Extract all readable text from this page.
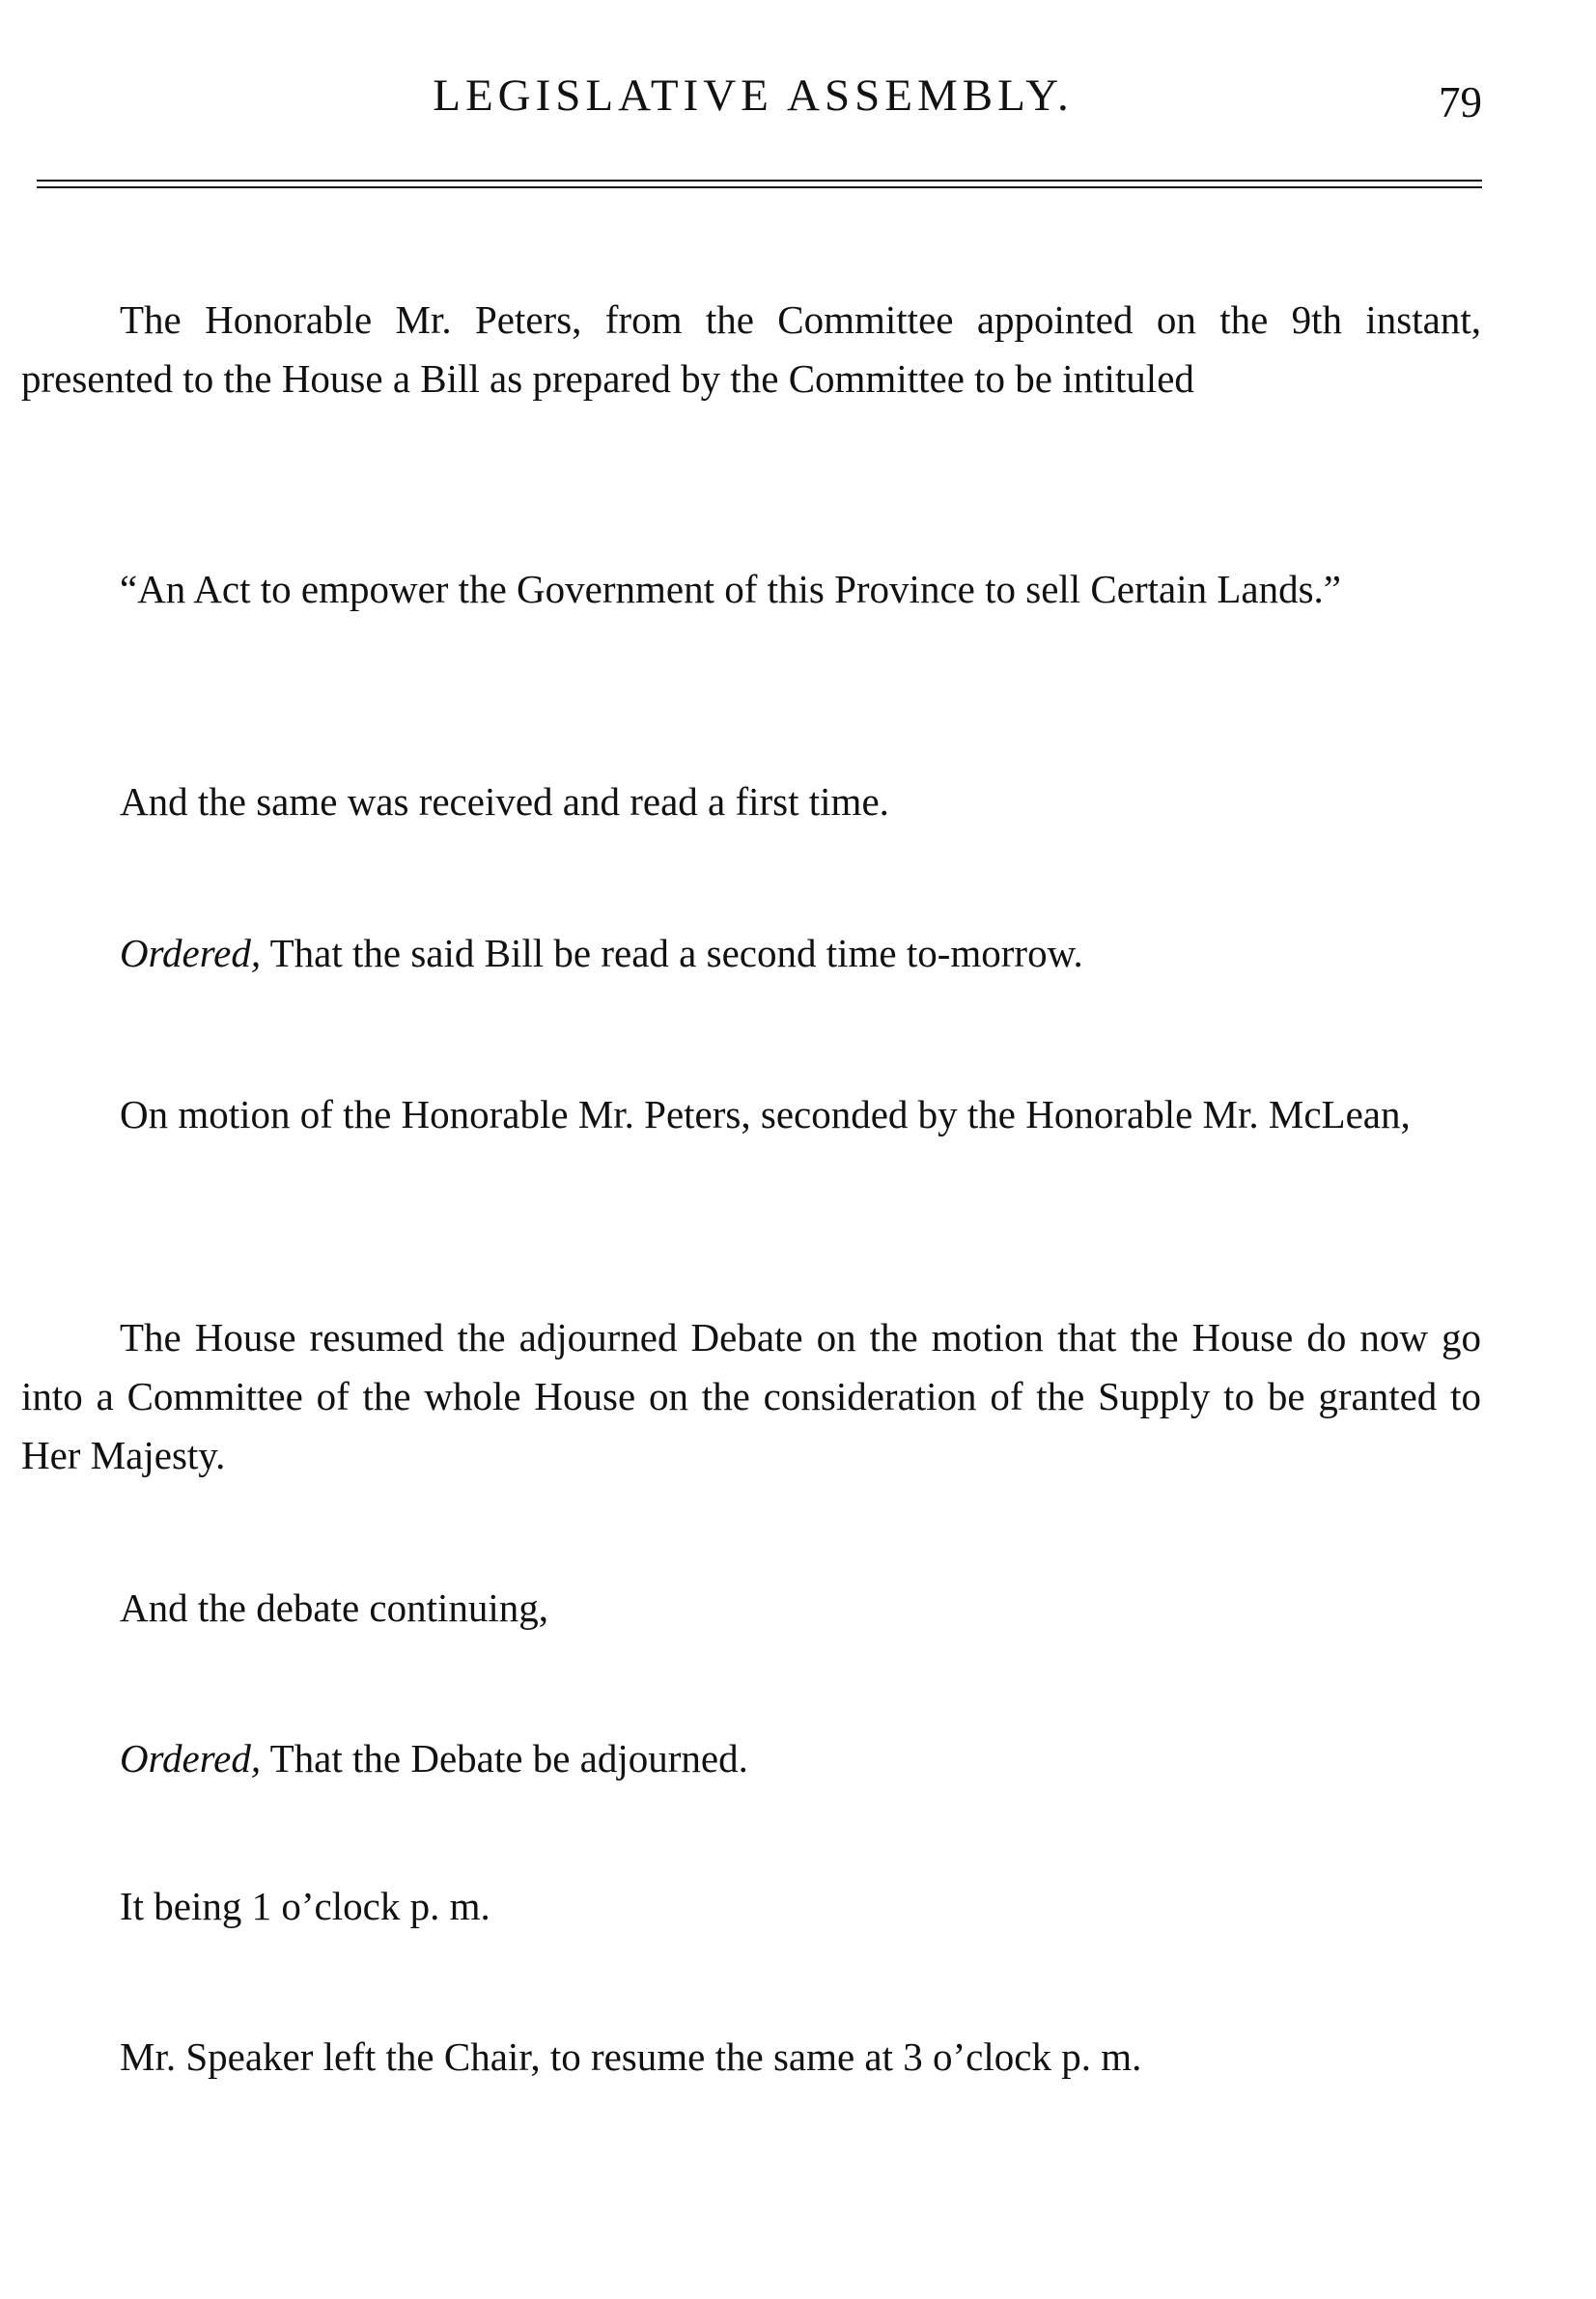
LEGISLATIVE ASSEMBLY.	79

The Honorable Mr. Peters, from the Committee appointed on the 9th instant, presented to the House a Bill as prepared by the Committee to be intituled

“An Act to empower the Government of this Province to sell Certain Lands.”

And the same was received and read a first time.

Ordered, That the said Bill be read a second time to-morrow.

On motion of the Honorable Mr. Peters, seconded by the Honorable Mr. McLean,

The House resumed the adjourned Debate on the motion that the House do now go into a Committee of the whole House on the consideration of the Supply to be granted to Her Majesty.

And the debate continuing,

Ordered, That the Debate be adjourned.

It being 1 o’clock p. m.

Mr. Speaker left the Chair, to resume the same at 3 o’clock p. m.
